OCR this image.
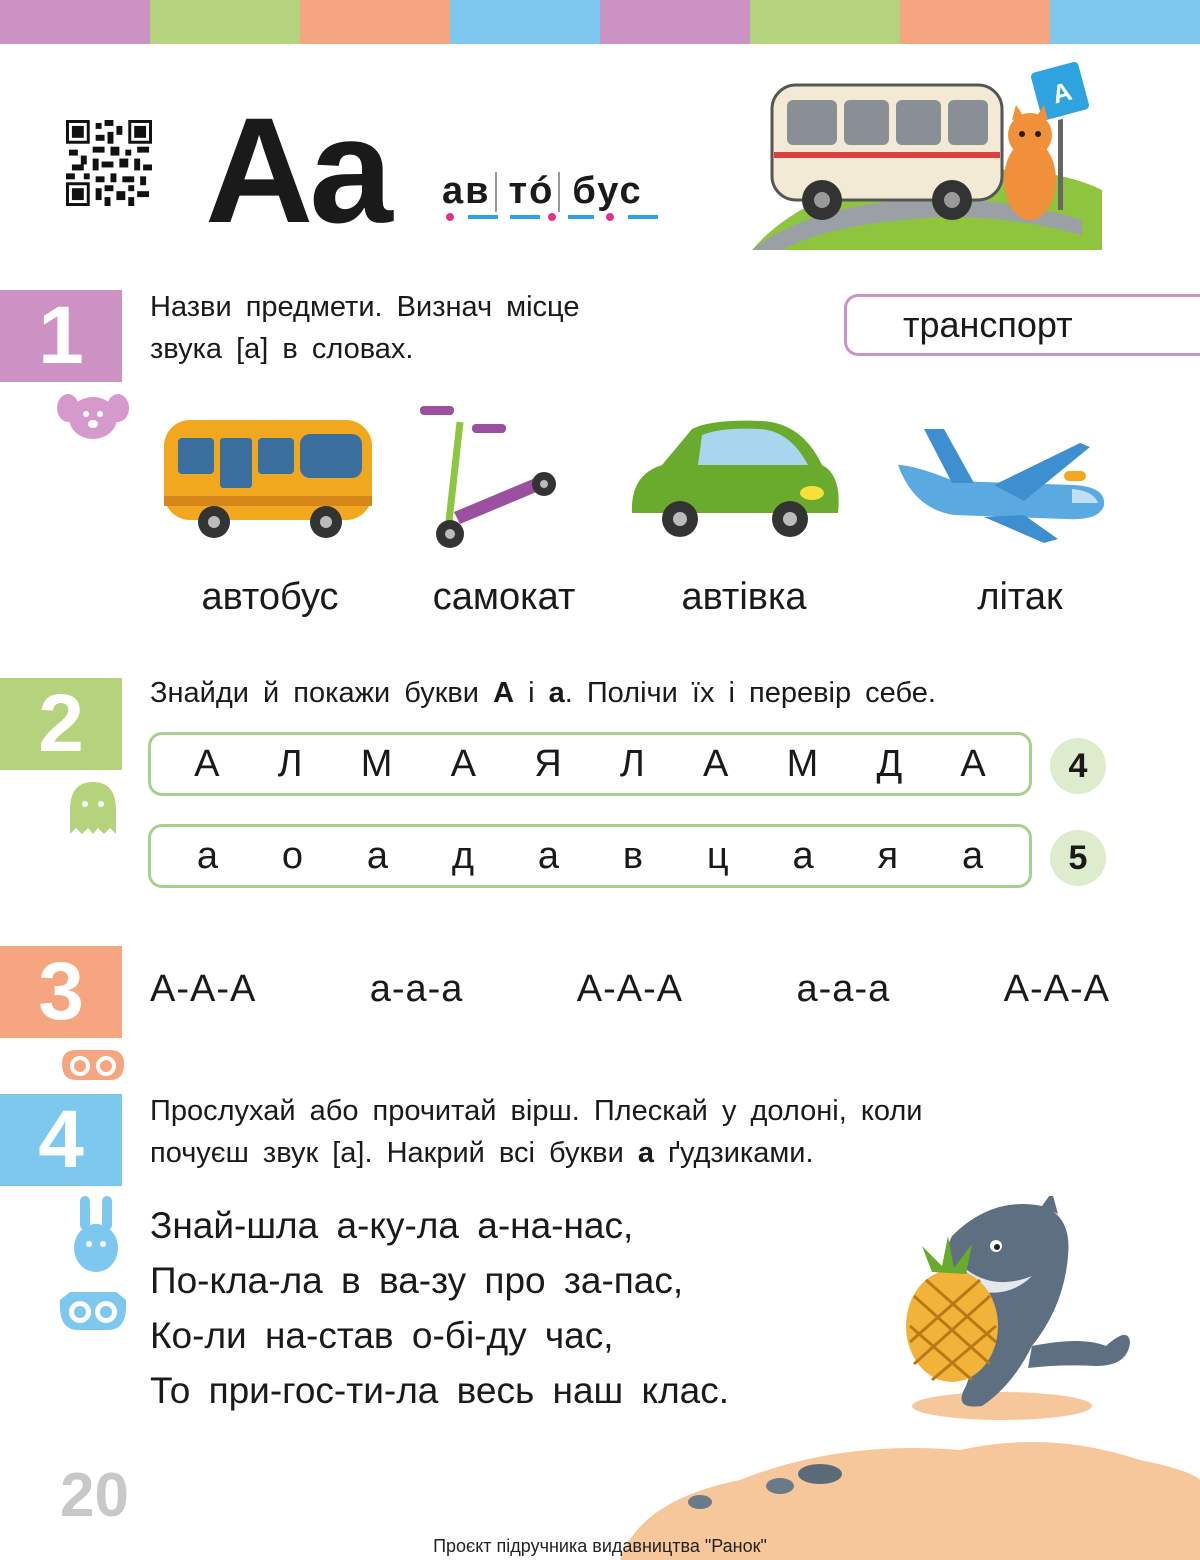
Aa ав тó бус
А
1	Назви предмети. Визнач місце
звука [а] в словах.
транспорт
автобус	самокат	автівка	літак
2	Знайди й покажи букви А і а. Полічи їх і перевір себе.
А Л М А Я Л А М Д А	4
а о а д а в ц а я а	5
3	А-А-А	а-а-а	А-А-А	а-а-а	А-А-А
4	Прослухай або прочитай вірш. Плескай у долоні, коли
почуєш звук [а]. Накрий всі букви а ґудзиками.
Знай-шла а-ку-ла а-на-нас,
По-кла-ла в ва-зу про за-пас,
Ко-ли на-став о-бі-ду час,
То при-гос-ти-ла весь наш клас.
20
Проєкт підручника видавництва "Ранок"
